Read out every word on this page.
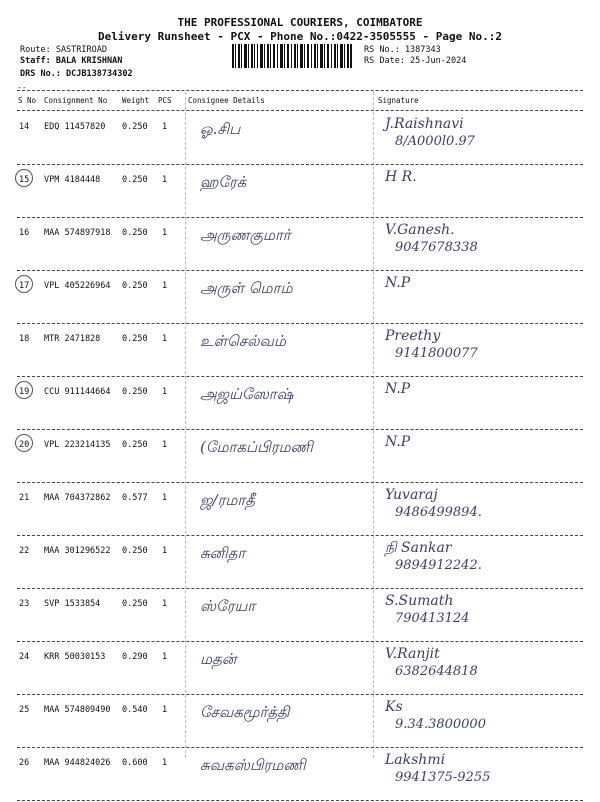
THE PROFESSIONAL COURIERS, COIMBATORE
Delivery Runsheet - PCX - Phone No.:0422-3505555 - Page No.:2
Route: SASTRIROAD
Staff: BALA KRISHNAN
DRS No.: DCJB138734302
RS No.: 1387343
RS Date: 25-Jun-2024
--
S No Consignment No Weight PCS Consignee Details	Signature
14 EDQ 11457820 0.250 1 ஓ.சிப	J.Raishnavi
8/A000l0.97
15 VPM 4184448	0.250 1 ஹரேக்	H R.
16 MAA 574897918 0.250 1 அருணகுமார்	V.Ganesh.
9047678338
17 VPL 405226964 0.250 1 அருள் மொம்	N.P
18 MTR 2471828	0.250 1 உள்செல்வம்	Preethy
9141800077
19 CCU 911144664 0.250 1 அஜய்ஸோஷ்	N.P
20 VPL 223214135 0.250 1 (மோகப்பிரமணி	N.P
21 MAA 704372862 0.577 1 ஜ/ரமாதீ	Yuvaraj
9486499894.
22 MAA 301296522 0.250 1 சுனிதா	நி Sankar
9894912242.
23 SVP 1533854	0.250 1 ஸ்ரேயா	S.Sumath
790413124
24 KRR 50030153 0.290 1 மதன்	V.Ranjit
6382644818
25 MAA 574809490 0.540 1 சேவகமூர்த்தி	Ks
9.34.3800000
26 MAA 944824026 0.600 1 சுவகஸ்பிரமணி	Lakshmi
9941375-9255
